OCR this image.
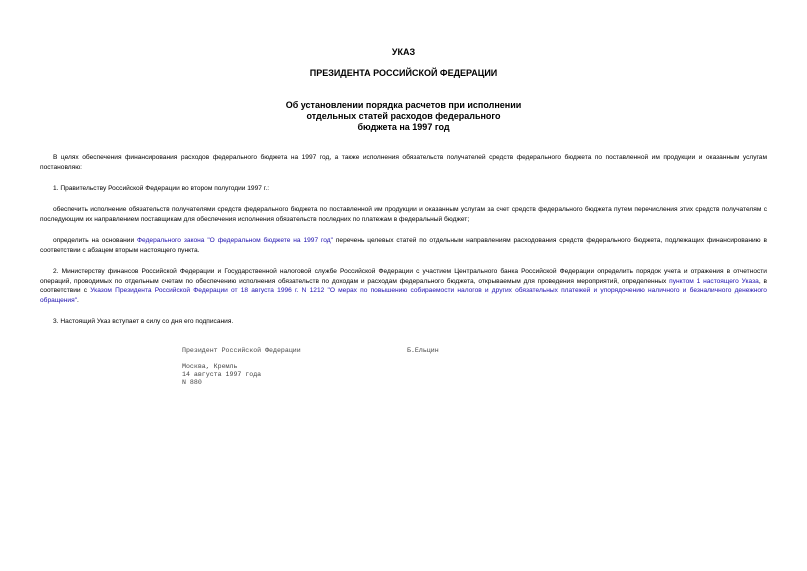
УКАЗ
ПРЕЗИДЕНТА РОССИЙСКОЙ ФЕДЕРАЦИИ
Об установлении порядка расчетов при исполнении
отдельных статей расходов федерального
бюджета на 1997 год
В целях обеспечения финансирования расходов федерального бюджета на 1997 год, а также исполнения обязательств получателей средств федерального бюджета по поставленной им продукции и оказанным услугам постановляю:
1. Правительству Российской Федерации во втором полугодии 1997 г.:
обеспечить исполнение обязательств получателями средств федерального бюджета по поставленной им продукции и оказанным услугам за счет средств федерального бюджета путем перечисления этих средств получателям с последующим их направлением поставщикам для обеспечения исполнения обязательств последних по платежам в федеральный бюджет;
определить на основании Федерального закона "О федеральном бюджете на 1997 год" перечень целевых статей по отдельным направлениям расходования средств федерального бюджета, подлежащих финансированию в соответствии с абзацем вторым настоящего пункта.
2. Министерству финансов Российской Федерации и Государственной налоговой службе Российской Федерации с участием Центрального банка Российской Федерации определить порядок учета и отражения в отчетности операций, проводимых по отдельным счетам по обеспечению исполнения обязательств по доходам и расходам федерального бюджета, открываемым для проведения мероприятий, определенных пунктом 1 настоящего Указа, в соответствии с Указом Президента Российской Федерации от 18 августа 1996 г. N 1212 "О мерах по повышению собираемости налогов и других обязательных платежей и упорядочению наличного и безналичного денежного обращения".
3. Настоящий Указ вступает в силу со дня его подписания.
Президент Российской Федерации	Б.Ельцин
Москва, Кремль
14 августа 1997 года
N 880
